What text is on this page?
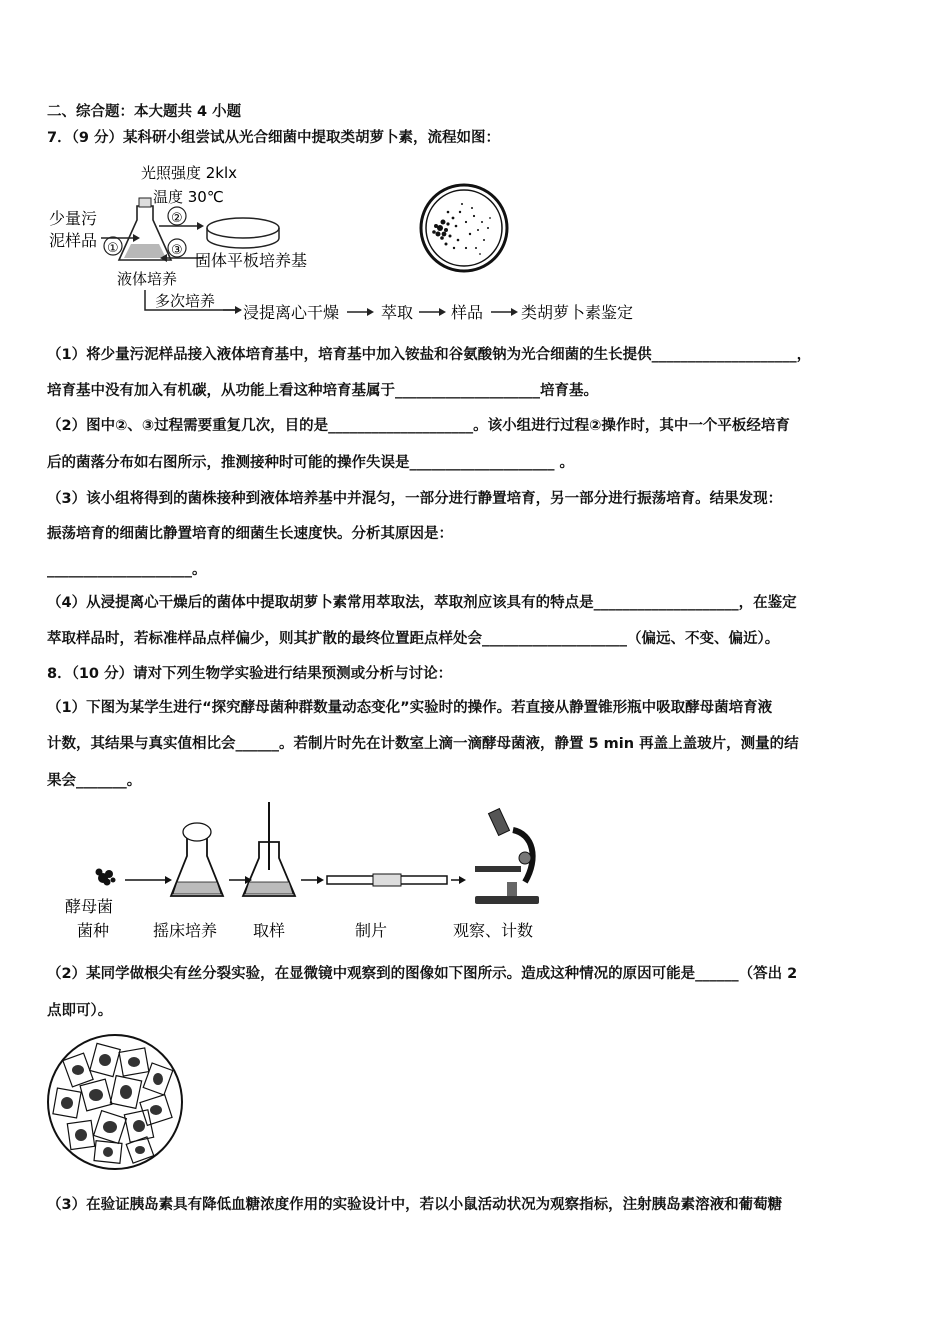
二、综合题：本大题共 4 小题
7．（9 分）某科研小组尝试从光合细菌中提取类胡萝卜素，流程如图：
光照强度 2klx
温度 30℃
少量污
泥样品 ①
液体培养
②
③
固体平板培养基
多次培养
浸提离心干燥	萃取 样品 类胡萝卜素鉴定
（1）将少量污泥样品接入液体培育基中，培育基中加入铵盐和谷氨酸钠为光合细菌的生长提供____________________，
培育基中没有加入有机碳，从功能上看这种培育基属于____________________培育基。
（2）图中②、③过程需要重复几次，目的是____________________。该小组进行过程②操作时，其中一个平板经培育
后的菌落分布如右图所示，推测接种时可能的操作失误是____________________ 。
（3）该小组将得到的菌株接种到液体培养基中并混匀，一部分进行静置培育，另一部分进行振荡培育。结果发现：
振荡培育的细菌比静置培育的细菌生长速度快。分析其原因是：
____________________。
（4）从浸提离心干燥后的菌体中提取胡萝卜素常用萃取法，萃取剂应该具有的特点是____________________，在鉴定
萃取样品时，若标准样品点样偏少，则其扩散的最终位置距点样处会____________________（偏远、不变、偏近）。
8．（10 分）请对下列生物学实验进行结果预测或分析与讨论：
（1）下图为某学生进行“探究酵母菌种群数量动态变化”实验时的操作。若直接从静置锥形瓶中吸取酵母菌培育液
计数，其结果与真实值相比会______。若制片时先在计数室上滴一滴酵母菌液，静置 5 min 再盖上盖玻片，测量的结
果会_______。
酵母菌
菌种	摇床培养 取样	制片	观察、计数
（2）某同学做根尖有丝分裂实验，在显微镜中观察到的图像如下图所示。造成这种情况的原因可能是______（答出 2
点即可）。
（3）在验证胰岛素具有降低血糖浓度作用的实验设计中，若以小鼠活动状况为观察指标，注射胰岛素溶液和葡萄糖
